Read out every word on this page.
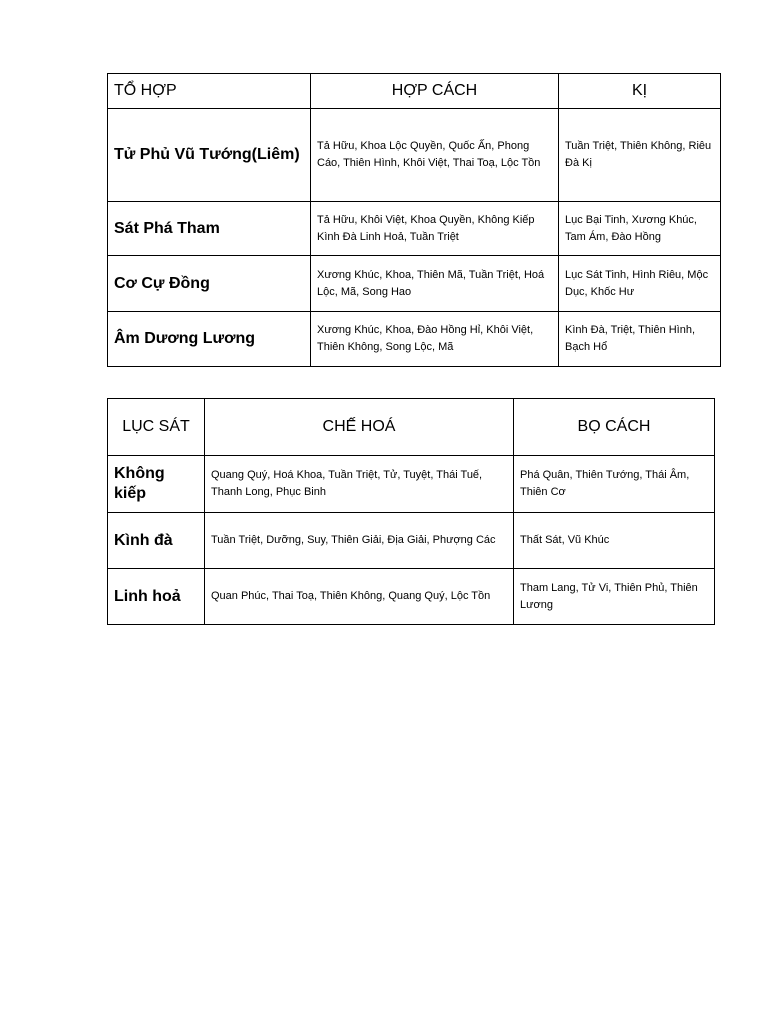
TỔ HỢP	HỢP CÁCH	KỊ
Tử Phủ Vũ Tướng(Liêm)	Tả Hữu, Khoa Lộc Quyền, Quốc Ấn, Phong Cáo, Thiên Hình, Khôi Việt, Thai Toạ, Lộc Tồn	Tuần Triệt, Thiên Không, Riêu Đà Kị
Sát Phá Tham	Tả Hữu, Khôi Việt, Khoa Quyền, Không Kiếp Kình Đà Linh Hoả, Tuần Triệt	Lục Bại Tinh, Xương Khúc, Tam Ám, Đào Hồng
Cơ Cự Đồng	Xương Khúc, Khoa, Thiên Mã, Tuần Triệt, Hoá Lộc, Mã, Song Hao	Lục Sát Tinh, Hình Riêu, Mộc Dục, Khốc Hư
Âm Dương Lương	Xương Khúc, Khoa, Đào Hồng Hỉ, Khôi Việt, Thiên Không, Song Lộc, Mã	Kình Đà, Triệt, Thiên Hình, Bạch Hổ
LỤC SÁT	CHẾ HOÁ	BỌ CÁCH
Không kiếp	Quang Quý, Hoá Khoa, Tuần Triệt, Tử, Tuyệt, Thái Tuế, Thanh Long, Phục Binh	Phá Quân, Thiên Tướng, Thái Âm, Thiên Cơ
Kình đà	Tuần Triệt, Dưỡng, Suy, Thiên Giải, Địa Giải, Phượng Các	Thất Sát, Vũ Khúc
Linh hoả	Quan Phúc, Thai Toạ, Thiên Không, Quang Quý, Lộc Tồn	Tham Lang, Tử Vi, Thiên Phủ, Thiên Lương
